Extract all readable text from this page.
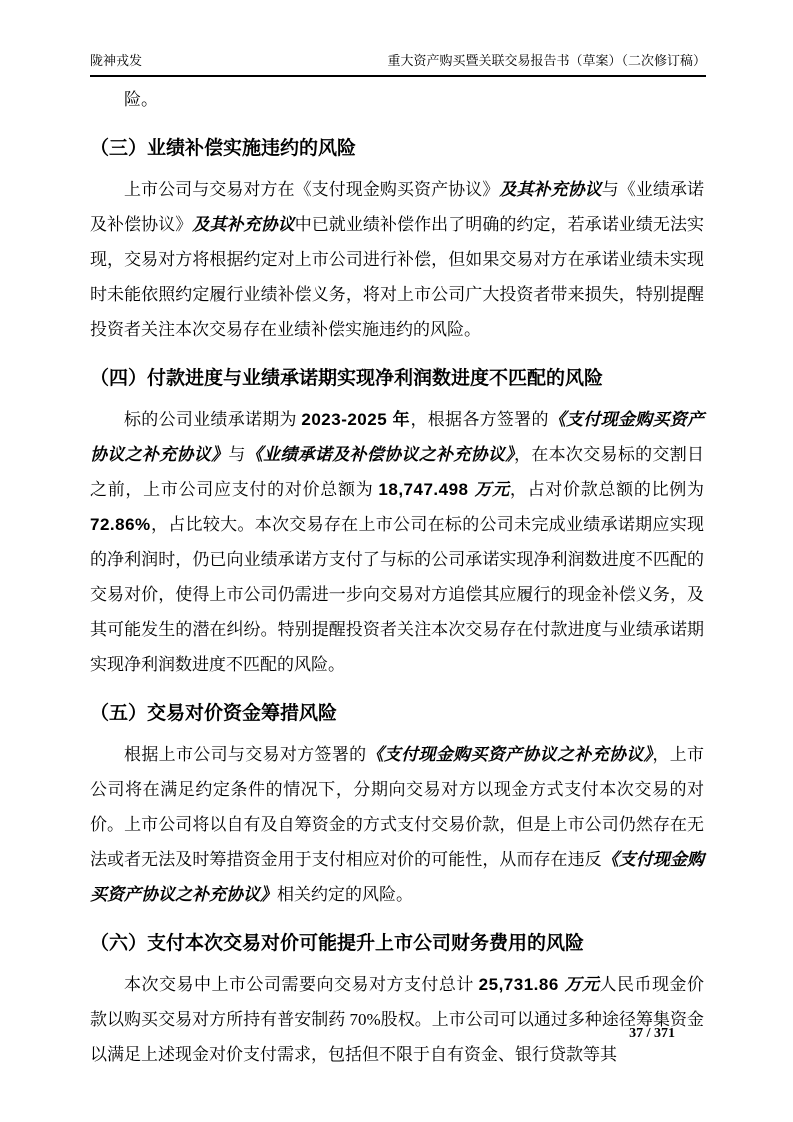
陇神戎发	重大资产购买暨关联交易报告书（草案）（二次修订稿）

险。

（三）业绩补偿实施违约的风险

上市公司与交易对方在《支付现金购买资产协议》及其补充协议与《业绩承诺及补偿协议》及其补充协议中已就业绩补偿作出了明确的约定，若承诺业绩无法实现，交易对方将根据约定对上市公司进行补偿，但如果交易对方在承诺业绩未实现时未能依照约定履行业绩补偿义务，将对上市公司广大投资者带来损失，特别提醒投资者关注本次交易存在业绩补偿实施违约的风险。

（四）付款进度与业绩承诺期实现净利润数进度不匹配的风险

标的公司业绩承诺期为 2023-2025 年，根据各方签署的《支付现金购买资产协议之补充协议》与《业绩承诺及补偿协议之补充协议》，在本次交易标的交割日之前，上市公司应支付的对价总额为 18,747.498 万元，占对价款总额的比例为 72.86%，占比较大。本次交易存在上市公司在标的公司未完成业绩承诺期应实现的净利润时，仍已向业绩承诺方支付了与标的公司承诺实现净利润数进度不匹配的交易对价，使得上市公司仍需进一步向交易对方追偿其应履行的现金补偿义务，及其可能发生的潜在纠纷。特别提醒投资者关注本次交易存在付款进度与业绩承诺期实现净利润数进度不匹配的风险。

（五）交易对价资金筹措风险

根据上市公司与交易对方签署的《支付现金购买资产协议之补充协议》，上市公司将在满足约定条件的情况下，分期向交易对方以现金方式支付本次交易的对价。上市公司将以自有及自筹资金的方式支付交易价款，但是上市公司仍然存在无法或者无法及时筹措资金用于支付相应对价的可能性，从而存在违反《支付现金购买资产协议之补充协议》相关约定的风险。

（六）支付本次交易对价可能提升上市公司财务费用的风险

本次交易中上市公司需要向交易对方支付总计 25,731.86 万元人民币现金价款以购买交易对方所持有普安制药 70%股权。上市公司可以通过多种途径筹集资金以满足上述现金对价支付需求，包括但不限于自有资金、银行贷款等其

37 / 371
